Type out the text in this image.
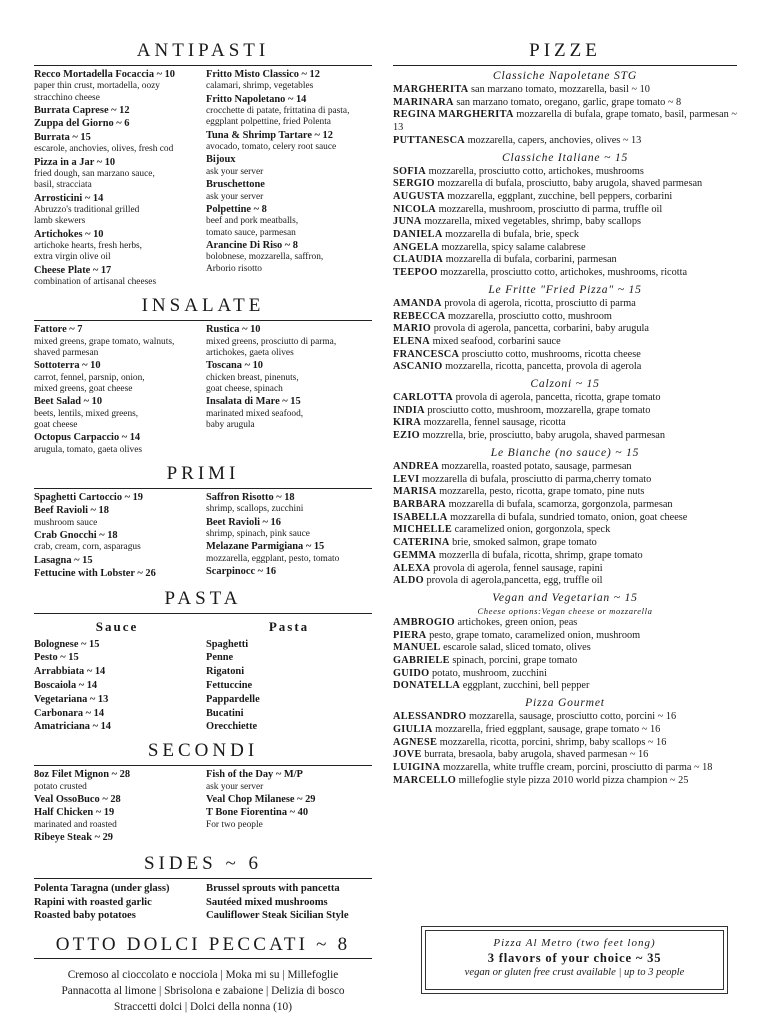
ANTIPASTI
Recco Mortadella Focaccia ~ 10
paper thin crust, mortadella, oozy
stracchino cheese
Burrata Caprese ~ 12
Zuppa del Giorno ~ 6
Burrata ~ 15
escarole, anchovies, olives, fresh cod
Pizza in a Jar ~ 10
fried dough, san marzano sauce,
basil, stracciata
Arrosticini ~ 14
Abruzzo's traditional grilled
lamb skewers
Artichokes ~ 10
artichoke hearts, fresh herbs,
extra virgin olive oil
Cheese Plate ~ 17
combination of artisanal cheeses
Fritto Misto Classico ~ 12
calamari, shrimp, vegetables
Fritto Napoletano ~ 14
crocchette di patate, frittatina di pasta,
eggplant polpettine, fried Polenta
Tuna & Shrimp Tartare ~ 12
avocado, tomato, celery root sauce
Bijoux
ask your server
Bruschettone
ask your server
Polpettine ~ 8
beef and pork meatballs,
tomato sauce, parmesan
Arancine Di Riso ~ 8
bolobnese, mozzarella, saffron,
Arborio risotto
INSALATE
Fattore ~ 7
mixed greens, grape tomato, walnuts,
shaved parmesan
Sottoterra ~ 10
carrot, fennel, parsnip, onion,
mixed greens, goat cheese
Beet Salad ~ 10
beets, lentils, mixed greens,
goat cheese
Octopus Carpaccio ~ 14
arugula, tomato, gaeta olives
Rustica ~ 10
mixed greens, prosciutto di parma,
artichokes, gaeta olives
Toscana ~ 10
chicken breast, pinenuts,
goat cheese, spinach
Insalata di Mare ~ 15
marinated mixed seafood,
baby arugula
PRIMI
Spaghetti Cartoccio ~ 19
Beef Ravioli ~ 18
mushroom sauce
Crab Gnocchi ~ 18
crab, cream, corn, asparagus
Lasagna ~ 15
Fettucine with Lobster ~ 26
Saffron Risotto ~ 18
shrimp, scallops, zucchini
Beet Ravioli ~ 16
shrimp, spinach, pink sauce
Melazane Parmigiana ~ 15
mozzarella, eggplant, pesto, tomato
Scarpinocc ~ 16
PASTA
Sauce
Bolognese ~ 15
Pesto ~ 15
Arrabbiata ~ 14
Boscaiola ~ 14
Vegetariana ~ 13
Carbonara ~ 14
Amatriciana ~ 14
Pasta
Spaghetti
Penne
Rigatoni
Fettuccine
Pappardelle
Bucatini
Orecchiette
SECONDI
8oz Filet Mignon ~ 28
potato crusted
Veal OssoBuco ~ 28
Half Chicken ~ 19
marinated and roasted
Ribeye Steak ~ 29
Fish of the Day ~ M/P
ask your server
Veal Chop Milanese ~ 29
T Bone Fiorentina ~ 40
For two people
SIDES ~ 6
Polenta Taragna (under glass)
Rapini with roasted garlic
Roasted baby potatoes
Brussel sprouts with pancetta
Sautéed mixed mushrooms
Cauliflower Steak Sicilian Style
OTTO DOLCI PECCATI ~ 8
Cremoso al cioccolato e nocciola | Moka mi su | Millefoglie
Pannacotta al limone | Sbrisolona e zabaione | Delizia di bosco
Straccetti dolci | Dolci della nonna (10)
PIZZE
Classiche Napoletane STG
MARGHERITA san marzano tomato, mozzarella, basil ~ 10
MARINARA san marzano tomato, oregano, garlic, grape tomato ~ 8
REGINA MARGHERITA mozzarella di bufala, grape tomato, basil, parmesan ~ 13
PUTTANESCA mozzarella, capers, anchovies, olives ~ 13
Classiche Italiane ~ 15
SOFIA mozzarella, prosciutto cotto, artichokes, mushrooms
SERGIO mozzarella di bufala, prosciutto, baby arugola, shaved parmesan
AUGUSTA mozzarella, eggplant, zucchine, bell peppers, corbarini
NICOLA mozzarella, mushroom, prosciutto di parma, truffle oil
JUNA mozzarella, mixed vegetables, shrimp, baby scallops
DANIELA mozzarella di bufala, brie, speck
ANGELA mozzarella, spicy salame calabrese
CLAUDIA mozzarella di bufala, corbarini, parmesan
TEEPOO mozzarella, prosciutto cotto, artichokes, mushrooms, ricotta
Le Fritte "Fried Pizza" ~ 15
AMANDA provola di agerola, ricotta, prosciutto di parma
REBECCA mozzarella, prosciutto cotto, mushroom
MARIO provola di agerola, pancetta, corbarini, baby arugula
ELENA mixed seafood, corbarini sauce
FRANCESCA prosciutto cotto, mushrooms, ricotta cheese
ASCANIO mozzarella, ricotta, pancetta, provola di agerola
Calzoni ~ 15
CARLOTTA provola di agerola, pancetta, ricotta, grape tomato
INDIA prosciutto cotto, mushroom, mozzarella, grape tomato
KIRA mozzarella, fennel sausage, ricotta
EZIO mozzrella, brie, prosciutto, baby arugola, shaved parmesan
Le Bianche (no sauce) ~ 15
ANDREA mozzarella, roasted potato, sausage, parmesan
LEVI mozzarella di bufala, prosciutto di parma,cherry tomato
MARISA mozzarella, pesto, ricotta, grape tomato, pine nuts
BARBARA mozzarella di bufala, scamorza, gorgonzola, parmesan
ISABELLA mozzarella di bufala, sundried tomato, onion, goat cheese
MICHELLE caramelized onion, gorgonzola, speck
CATERINA brie, smoked salmon, grape tomato
GEMMA mozzerlla di bufala, ricotta, shrimp, grape tomato
ALEXA provola di agerola, fennel sausage, rapini
ALDO provola di agerola,pancetta, egg, truffle oil
Vegan and Vegetarian ~ 15
Cheese options:Vegan cheese or mozzarella
AMBROGIO artichokes, green onion, peas
PIERA pesto, grape tomato, caramelized onion, mushroom
MANUEL escarole salad, sliced tomato, olives
GABRIELE spinach, porcini, grape tomato
GUIDO potato, mushroom, zucchini
DONATELLA eggplant, zucchini, bell pepper
Pizza Gourmet
ALESSANDRO mozzarella, sausage, prosciutto cotto, porcini ~ 16
GIULIA mozzarella, fried eggplant, sausage, grape tomato ~ 16
AGNESE mozzarella, ricotta, porcini, shrimp, baby scallops ~ 16
JOVE burrata, bresaola, baby arugola, shaved parmesan ~ 16
LUIGINA mozzarella, white truffle cream, porcini, prosciutto di parma ~ 18
MARCELLO millefoglie style pizza 2010 world pizza champion ~ 25
Pizza Al Metro (two feet long)
3 flavors of your choice ~ 35
vegan or gluten free crust available | up to 3 people
